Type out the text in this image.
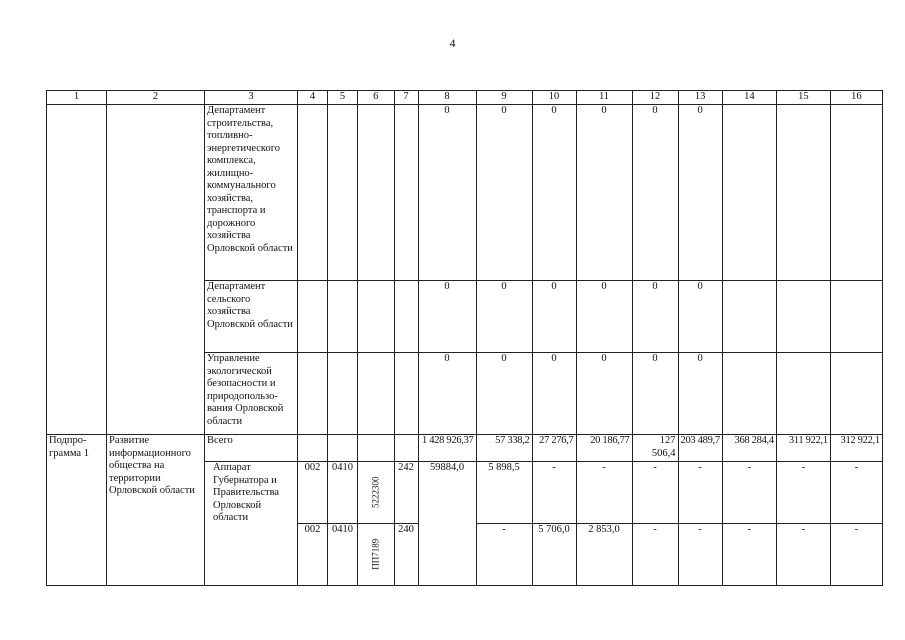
4
1	2	3	4	5	6	7	8	9	10	11	12	13	14	15	16
		Департамент строительства, топливно-энергетического комплекса, жилищно-коммунального хозяйства, транспорта и дорожного хозяйства Орловской области					0	0	0	0	0	0			
		Департамент сельского хозяйства Орловской области					0	0	0	0	0	0			
		Управление экологической безопасности и природопользо-вания Орловской области					0	0	0	0	0	0			
Подпро-грамма 1	Развитие информационного общества на территории Орловской области	Всего					1 428 926,37	57 338,2	27 276,7	20 186,77	127 506,4	203 489,7	368 284,4	311 922,1	312 922,1
		Аппарат Губернатора и Правительства Орловской области	002	0410	5222300	242	59884,0	5 898,5	-	-	-	-	-	-	-
			002	0410	ПП7189	240		-	5 706,0	2 853,0	-	-	-	-	-
